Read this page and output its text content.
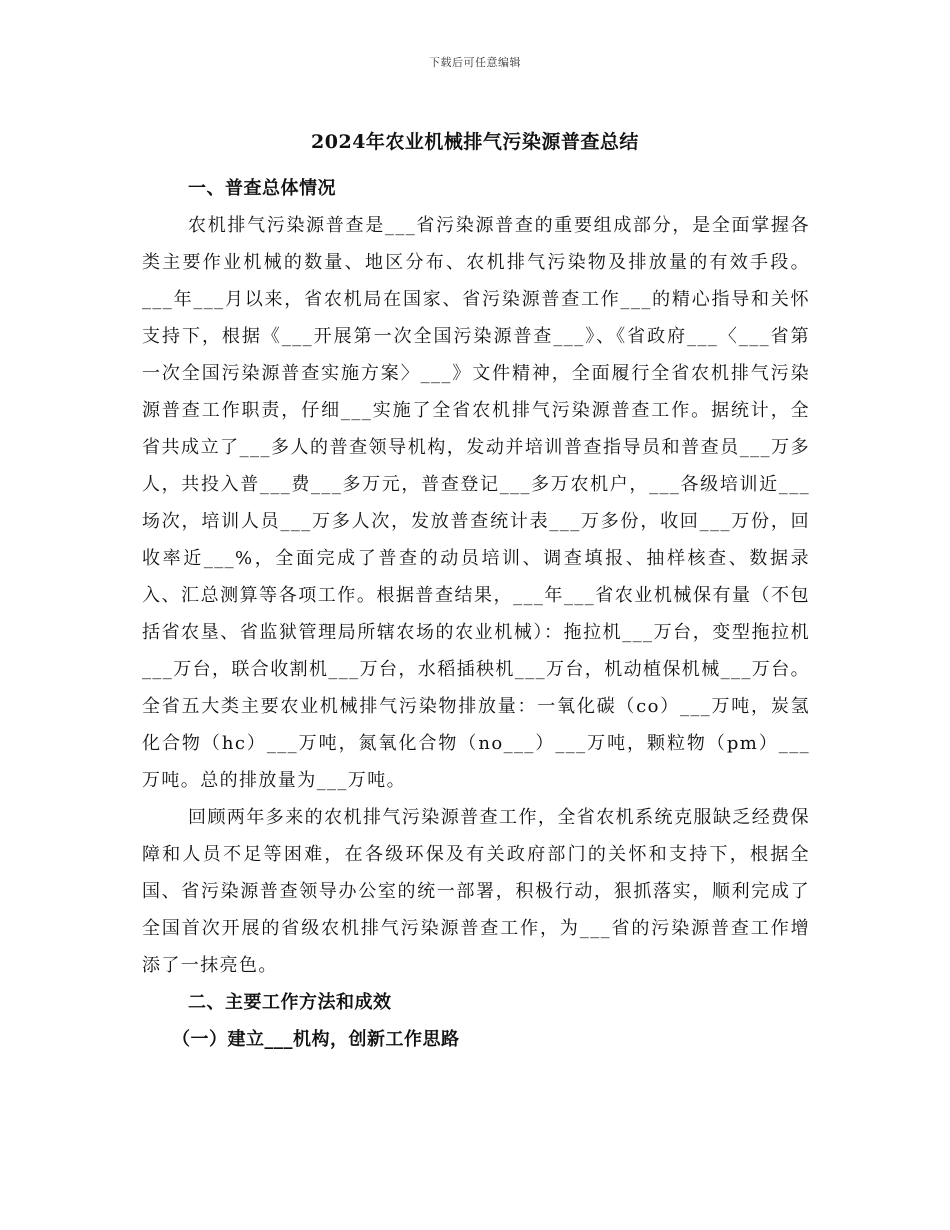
下载后可任意编辑
2024年农业机械排气污染源普查总结
一、普查总体情况

农机排气污染源普查是___省污染源普查的重要组成部分，是全面掌握各类主要作业机械的数量、地区分布、农机排气污染物及排放量的有效手段。___年___月以来，省农机局在国家、省污染源普查工作___的精心指导和关怀支持下，根据《___开展第一次全国污染源普查___》、《省政府___〈___省第一次全国污染源普查实施方案〉___》文件精神，全面履行全省农机排气污染源普查工作职责，仔细___实施了全省农机排气污染源普查工作。据统计，全省共成立了___多人的普查领导机构，发动并培训普查指导员和普查员___万多人，共投入普___费___多万元，普查登记___多万农机户，___各级培训近___场次，培训人员___万多人次，发放普查统计表___万多份，收回___万份，回收率近___%，全面完成了普查的动员培训、调查填报、抽样核查、数据录入、汇总测算等各项工作。根据普查结果，___年___省农业机械保有量（不包括省农垦、省监狱管理局所辖农场的农业机械）：拖拉机___万台，变型拖拉机___万台，联合收割机___万台，水稻插秧机___万台，机动植保机械___万台。全省五大类主要农业机械排气污染物排放量：一氧化碳（co）___万吨，炭氢化合物（hc）___万吨，氮氧化合物（no___）___万吨，颗粒物（pm）___万吨。总的排放量为___万吨。

回顾两年多来的农机排气污染源普查工作，全省农机系统克服缺乏经费保障和人员不足等困难，在各级环保及有关政府部门的关怀和支持下，根据全国、省污染源普查领导办公室的统一部署，积极行动，狠抓落实，顺利完成了全国首次开展的省级农机排气污染源普查工作，为___省的污染源普查工作增添了一抹亮色。

二、主要工作方法和成效
（一）建立___机构，创新工作思路
